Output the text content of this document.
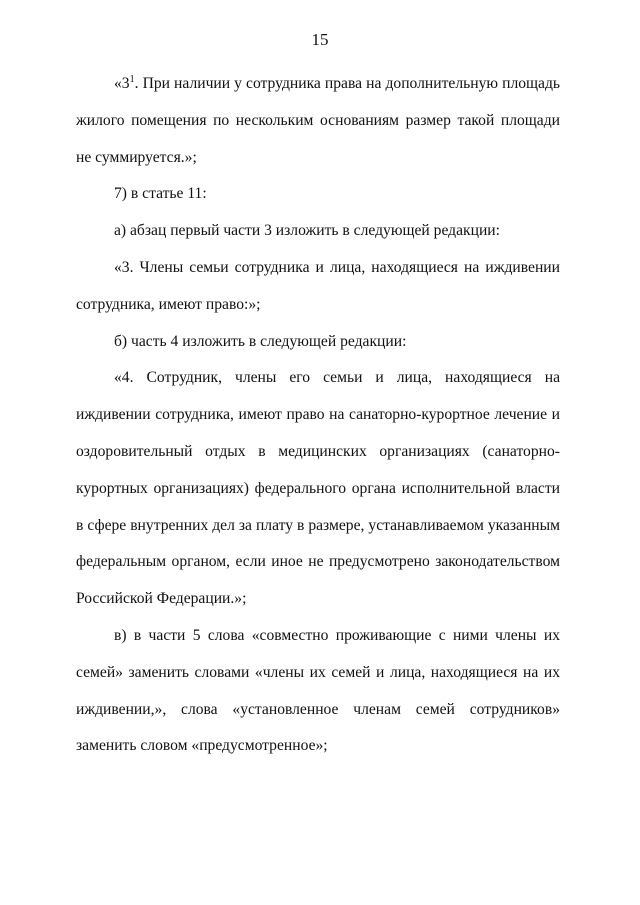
15
«$3^1$. При наличии у сотрудника права на дополнительную площадь жилого помещения по нескольким основаниям размер такой площади не суммируется.»;
7) в статье 11:
а) абзац первый части 3 изложить в следующей редакции:
«3. Члены семьи сотрудника и лица, находящиеся на иждивении сотрудника, имеют право:»;
б) часть 4 изложить в следующей редакции:
«4. Сотрудник, члены его семьи и лица, находящиеся на иждивении сотрудника, имеют право на санаторно-курортное лечение и оздоровительный отдых в медицинских организациях (санаторно-курортных организациях) федерального органа исполнительной власти в сфере внутренних дел за плату в размере, устанавливаемом указанным федеральным органом, если иное не предусмотрено законодательством Российской Федерации.»;
в) в части 5 слова «совместно проживающие с ними члены их семей» заменить словами «члены их семей и лица, находящиеся на их иждивении,», слова «установленное членам семей сотрудников» заменить словом «предусмотренное»;
